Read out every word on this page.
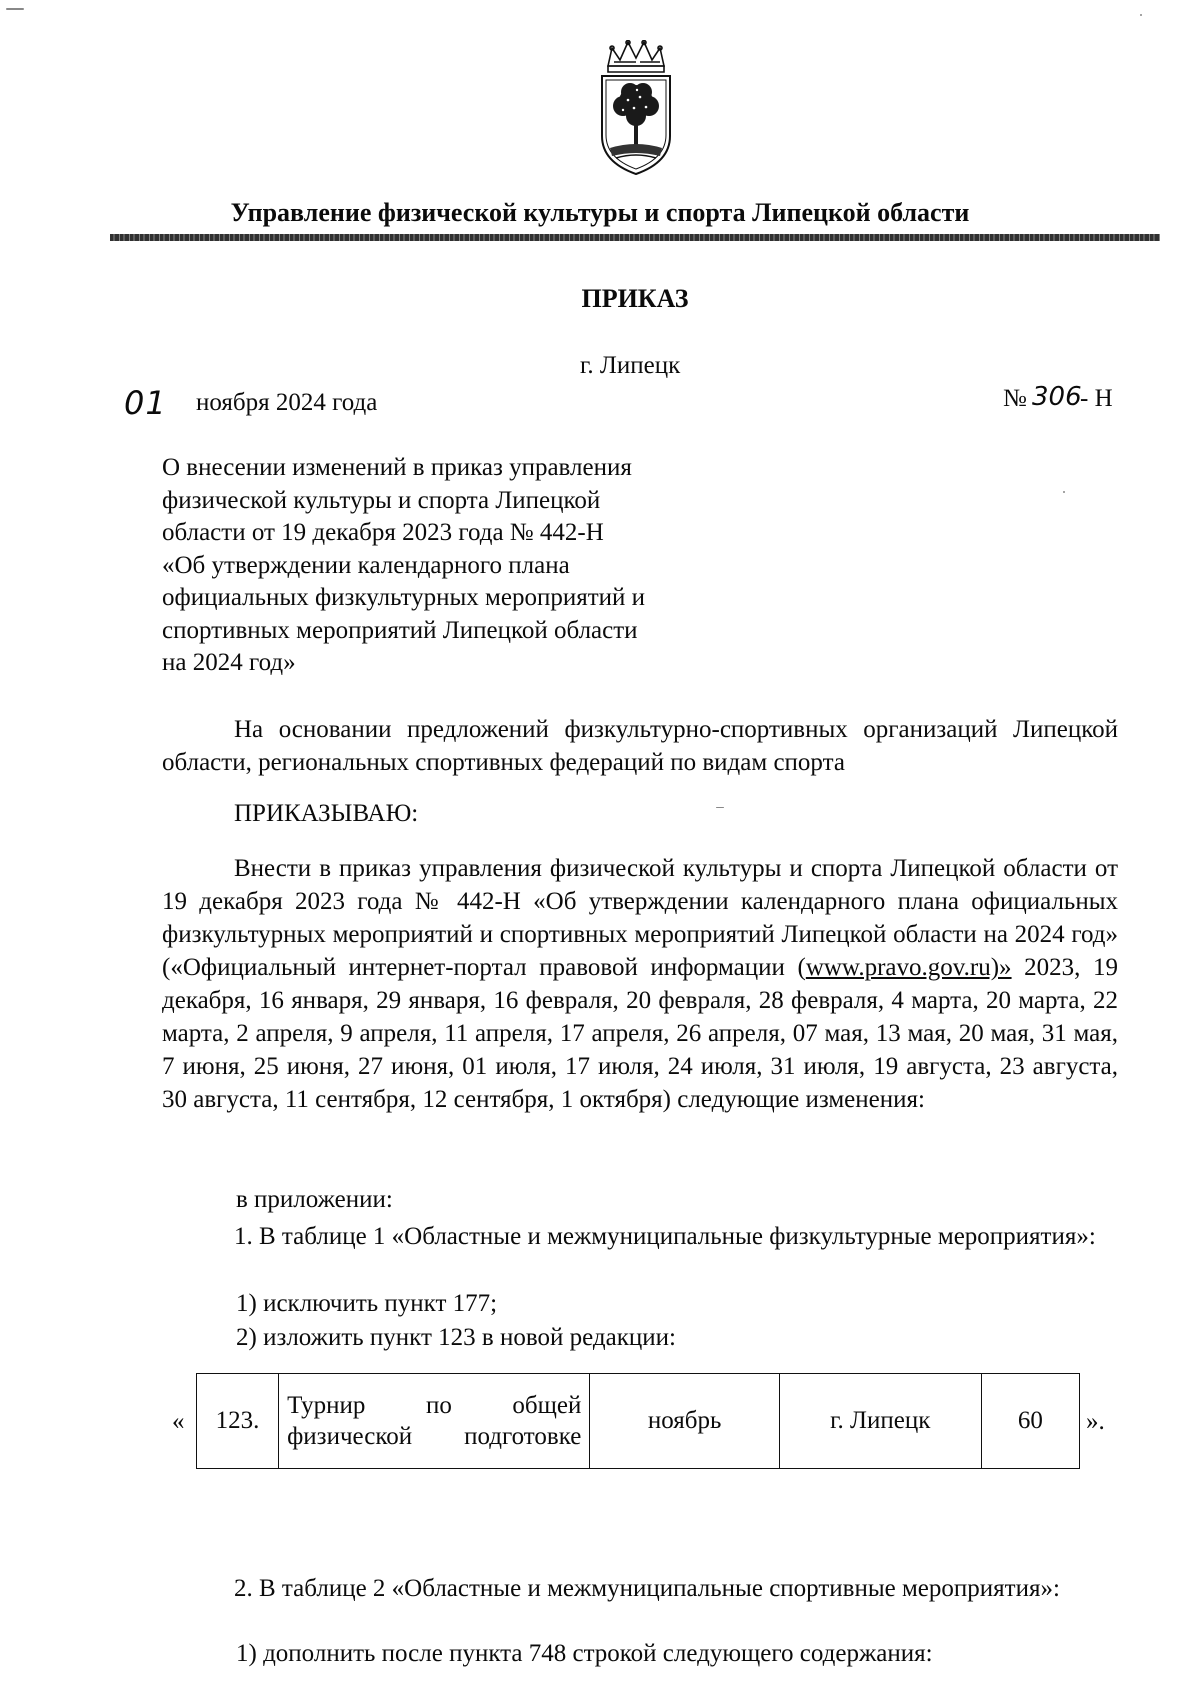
Управление физической культуры и спорта Липецкой области
ПРИКАЗ
г. Липецк
01 ноября 2024 года	№ 306
- Н
О внесении изменений в приказ управления
физической культуры и спорта Липецкой
области от 19 декабря 2023 года № 442-Н
«Об утверждении календарного плана
официальных физкультурных мероприятий и
спортивных мероприятий Липецкой области
на 2024 год»
На основании предложений физкультурно-спортивных организаций Липецкой области, региональных спортивных федераций по видам спорта
ПРИКАЗЫВАЮ:
Внести в приказ управления физической культуры и спорта Липецкой области от 19 декабря 2023 года № 442-Н «Об утверждении календарного плана официальных физкультурных мероприятий и спортивных мероприятий Липецкой области на 2024 год» («Официальный интернет-портал правовой информации (www.pravo.gov.ru)» 2023, 19 декабря, 16 января, 29 января, 16 февраля, 20 февраля, 28 февраля, 4 марта, 20 марта, 22 марта, 2 апреля, 9 апреля, 11 апреля, 17 апреля, 26 апреля, 07 мая, 13 мая, 20 мая, 31 мая, 7 июня, 25 июня, 27 июня, 01 июля, 17 июля, 24 июля, 31 июля, 19 августа, 23 августа, 30 августа, 11 сентября, 12 сентября, 1 октября) следующие изменения:
в приложении:
1. В таблице 1 «Областные и межмуниципальные физкультурные мероприятия»:
1) исключить пункт 177;
2) изложить пункт 123 в новой редакции:
« 123.	Турнир по общей физической подготовке	ноябрь	г. Липецк	60 ».
2. В таблице 2 «Областные и межмуниципальные спортивные мероприятия»:
1) дополнить после пункта 748 строкой следующего содержания:
